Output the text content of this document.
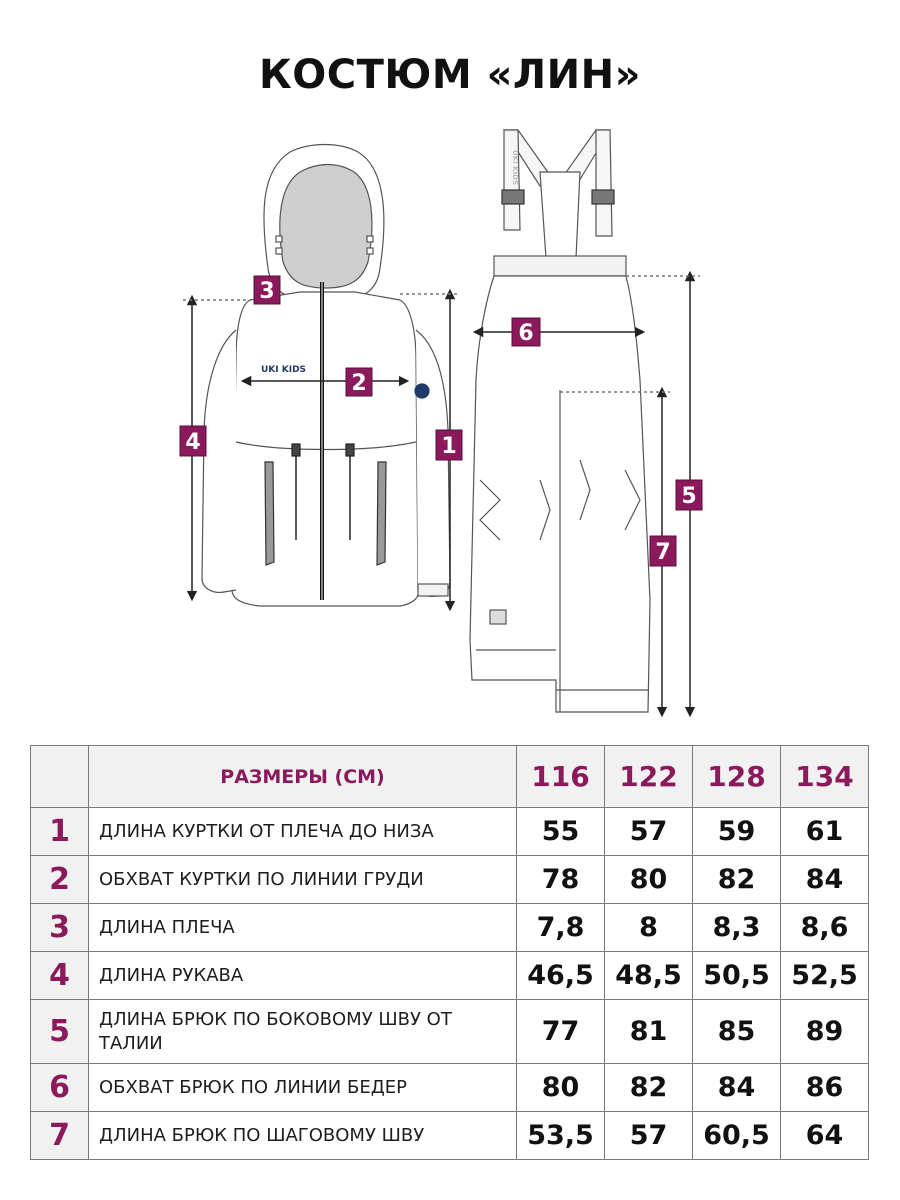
КОСТЮМ «ЛИН»
UKI KIDS
UKI KIDS
1
2
3
4
5
6
7
	РАЗМЕРЫ (СМ)	116	122	128	134
1	ДЛИНА КУРТКИ ОТ ПЛЕЧА ДО НИЗА	55	57	59	61
2	ОБХВАТ КУРТКИ ПО ЛИНИИ ГРУДИ	78	80	82	84
3	ДЛИНА ПЛЕЧА	7,8	8	8,3	8,6
4	ДЛИНА РУКАВА	46,5	48,5	50,5	52,5
5	ДЛИНА БРЮК ПО БОКОВОМУ ШВУ ОТ ТАЛИИ	77	81	85	89
6	ОБХВАТ БРЮК ПО ЛИНИИ БЕДЕР	80	82	84	86
7	ДЛИНА БРЮК ПО ШАГОВОМУ ШВУ	53,5	57	60,5	64
